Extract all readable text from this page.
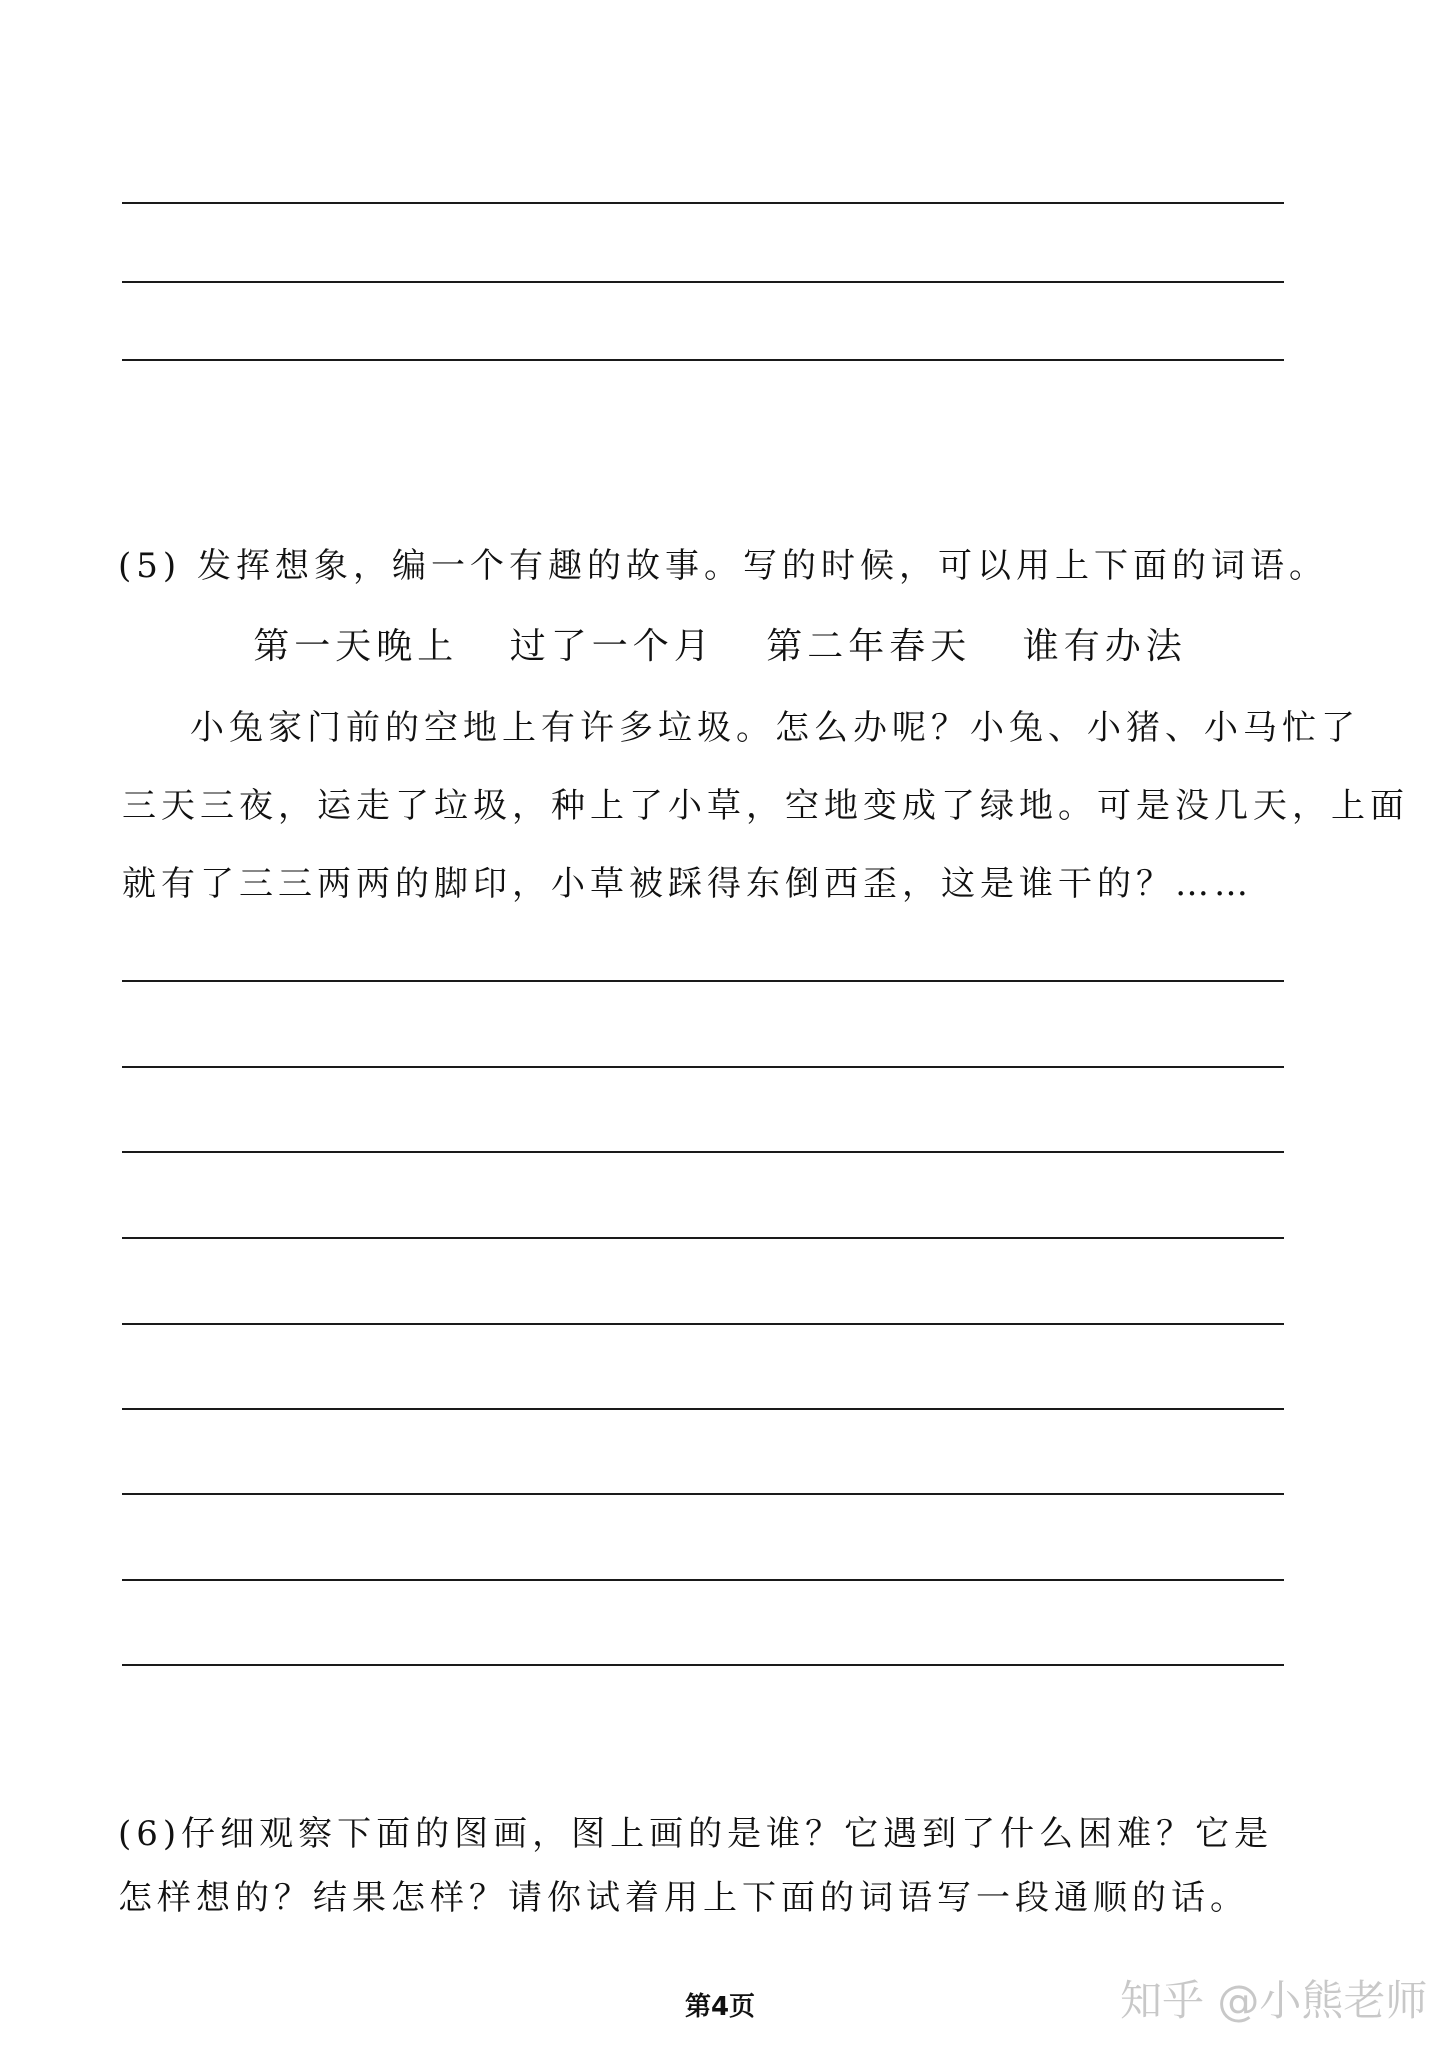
(5) 发挥想象，编一个有趣的故事。写的时候，可以用上下面的词语。
第一天晚上 过了一个月 第二年春天 谁有办法
小兔家门前的空地上有许多垃圾。怎么办呢？小兔、小猪、小马忙了
三天三夜，运走了垃圾，种上了小草，空地变成了绿地。可是没几天，上面
就有了三三两两的脚印，小草被踩得东倒西歪，这是谁干的？……
(6)仔细观察下面的图画，图上画的是谁？它遇到了什么困难？它是
怎样想的？结果怎样？请你试着用上下面的词语写一段通顺的话。
第4页	知乎 @小熊老师
